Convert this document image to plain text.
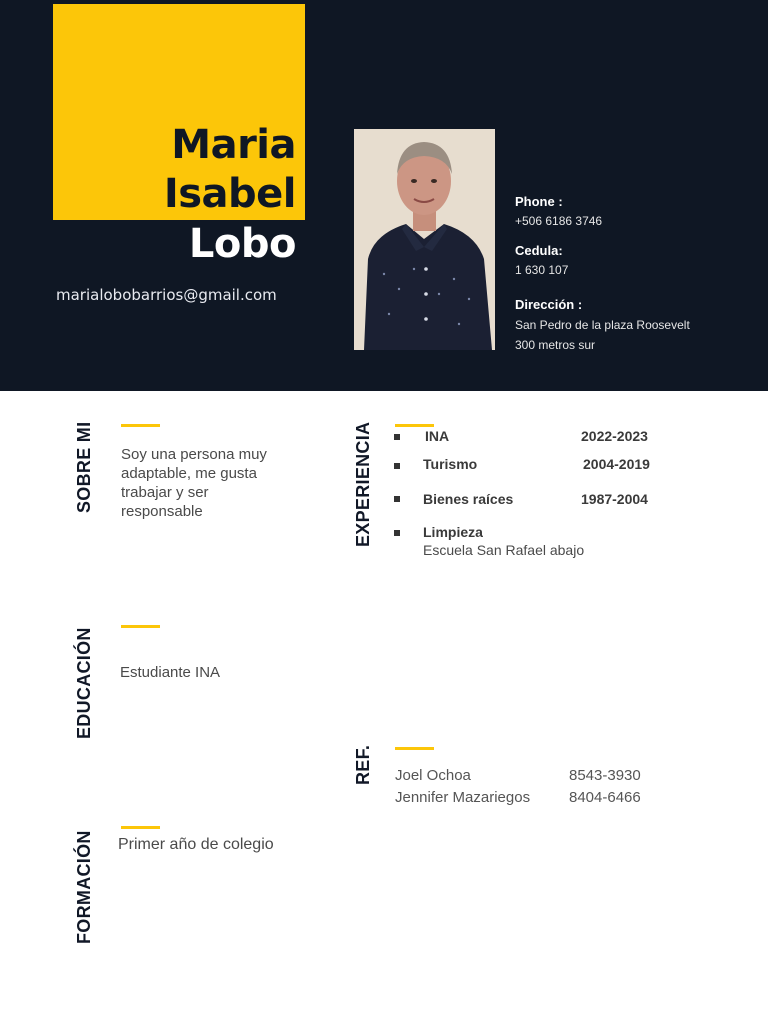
Maria
Isabel
Lobo
marialobobarrios@gmail.com
Phone :
+506 6186 3746
Cedula:
1 630 107
Dirección :
San Pedro de la plaza Roosevelt
300 metros sur
SOBRE MI Soy una persona muy
adaptable, me gusta
trabajar y ser
responsable	EXPERIENCIA	INA	2022-2023
Turismo	2004-2019
Bienes raíces	1987-2004
Limpieza
Escuela San Rafael abajo
EDUCACIÓN Estudiante INA
REF. Joel Ochoa	8543-3930
Jennifer Mazariegos	8404-6466
FORMACIÓN Primer año de colegio
